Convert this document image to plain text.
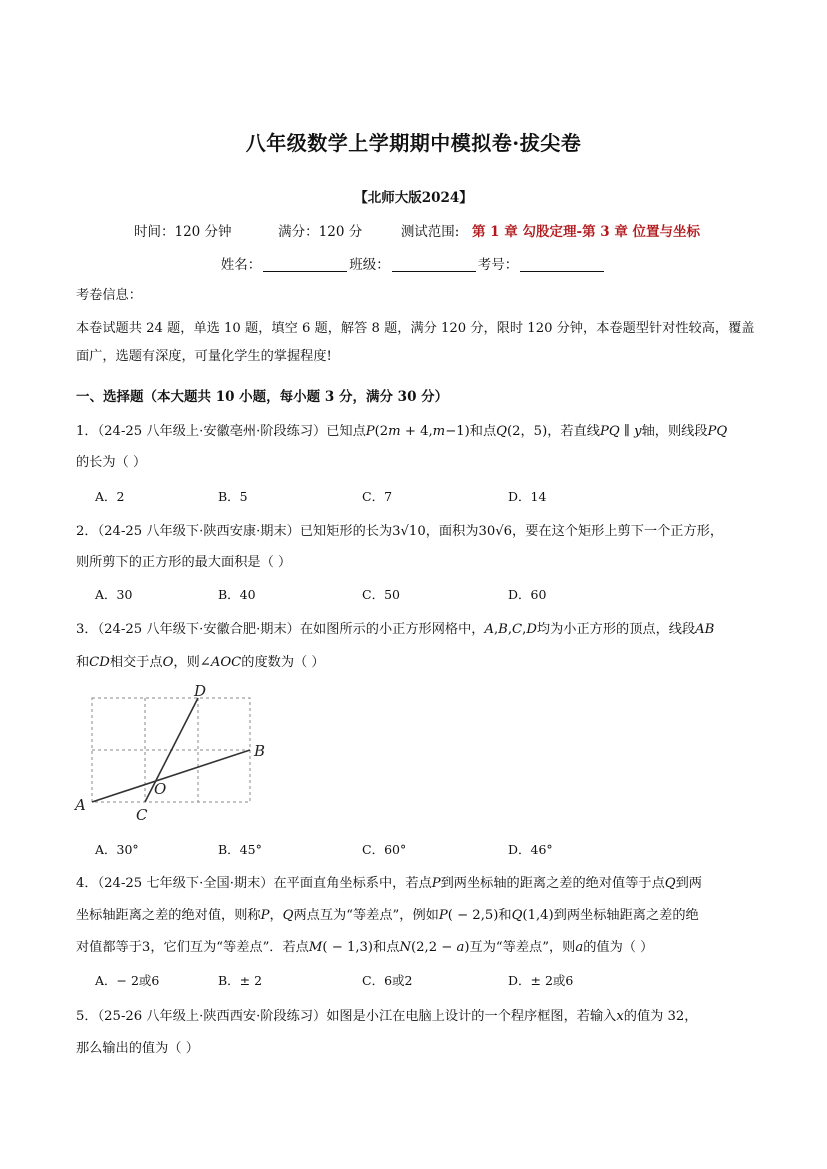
八年级数学上学期期中模拟卷·拔尖卷
【北师大版2024】
时间：120 分钟	满分：120 分	测试范围: 第 1 章 勾股定理-第 3 章 位置与坐标
姓名：	班级：	考号：
考卷信息：
本卷试题共 24 题，单选 10 题，填空 6 题，解答 8 题，满分 120 分，限时 120 分钟，本卷题型针对性较高，覆盖
面广，选题有深度，可量化学生的掌握程度!
一、选择题（本大题共 10 小题，每小题 3 分，满分 30 分）
1．（24-25 八年级上·安徽亳州·阶段练习）已知点𝑃(2𝑚 + 4,𝑚−1)和点𝑄(2，5)，若直线𝑃𝑄 ∥ 𝑦轴，则线段𝑃𝑄
的长为（ ）
A．2	B．5	C．7	D．14
2．（24-25 八年级下·陕西安康·期末）已知矩形的长为3√10，面积为30√6，要在这个矩形上剪下一个正方形，
则所剪下的正方形的最大面积是（ ）
A．30	B．40	C．50	D．60
3．（24-25 八年级下·安徽合肥·期末）在如图所示的小正方形网格中，𝐴,𝐵,𝐶,𝐷均为小正方形的顶点，线段𝐴𝐵
和𝐶𝐷相交于点𝑂，则∠𝐴𝑂𝐶的度数为（ ）
D
B
O
A
C
A．30°	B．45°	C．60°	D．46°
4．（24-25 七年级下·全国·期末）在平面直角坐标系中，若点𝑃到两坐标轴的距离之差的绝对值等于点𝑄到两
坐标轴距离之差的绝对值，则称𝑃，𝑄两点互为“等差点”，例如𝑃( − 2,5)和𝑄(1,4)到两坐标轴距离之差的绝
对值都等于3，它们互为“等差点”．若点𝑀( − 1,3)和点𝑁(2,2 − 𝑎)互为“等差点”，则𝑎的值为（ ）
A．− 2或6	B．± 2	C．6或2	D．± 2或6
5．（25-26 八年级上·陕西西安·阶段练习）如图是小江在电脑上设计的一个程序框图，若输入𝑥的值为 32，
那么输出的值为（ ）
